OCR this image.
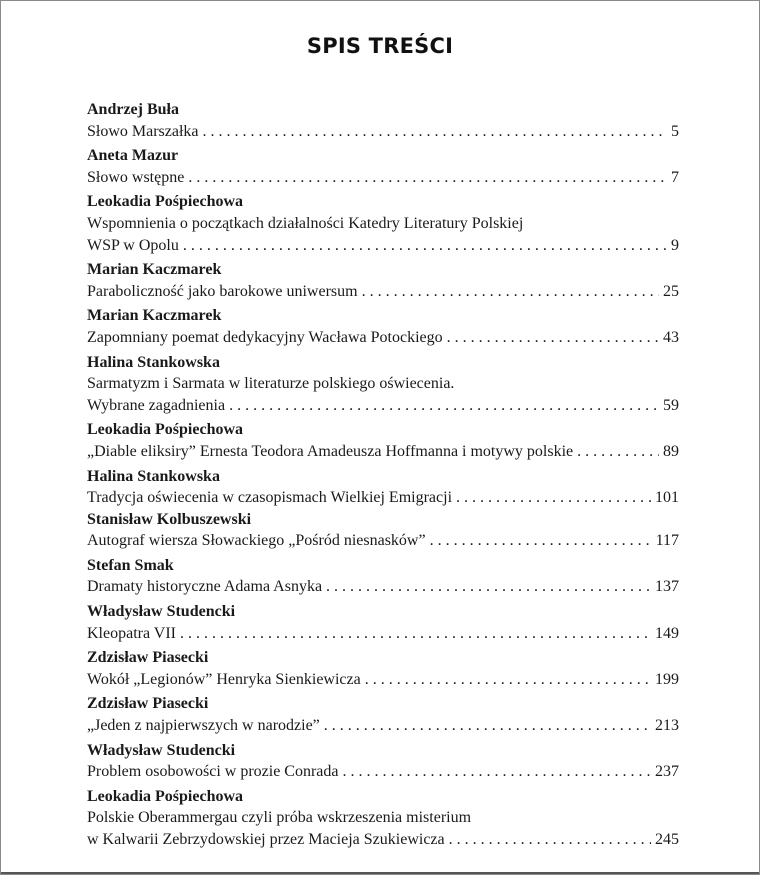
SPIS TREŚCI
Andrzej Buła
Słowo Marszałka . . .	5
Aneta Mazur
Słowo wstępne . . .	7
Leokadia Pośpiechowa
Wspomnienia o początkach działalności Katedry Literatury Polskiej
WSP w Opolu . . .	9
Marian Kaczmarek
Paraboliczność jako barokowe uniwersum . . .	25
Marian Kaczmarek
Zapomniany poemat dedykacyjny Wacława Potockiego . . .	43
Halina Stankowska
Sarmatyzm i Sarmata w literaturze polskiego oświecenia.
Wybrane zagadnienia . . .	59
Leokadia Pośpiechowa
„Diable eliksiry” Ernesta Teodora Amadeusza Hoffmanna i motywy polskie . . .	89
Halina Stankowska
Tradycja oświecenia w czasopismach Wielkiej Emigracji . . .	101
Stanisław Kolbuszewski
Autograf wiersza Słowackiego „Pośród niesnasków” . . .	117
Stefan Smak
Dramaty historyczne Adama Asnyka . . .	137
Władysław Studencki
Kleopatra VII . . .	149
Zdzisław Piasecki
Wokół „Legionów” Henryka Sienkiewicza . . .	199
Zdzisław Piasecki
„Jeden z najpierwszych w narodzie” . . .	213
Władysław Studencki
Problem osobowości w prozie Conrada . . .	237
Leokadia Pośpiechowa
Polskie Oberammergau czyli próba wskrzeszenia misterium
w Kalwarii Zebrzydowskiej przez Macieja Szukiewicza . . .	245
